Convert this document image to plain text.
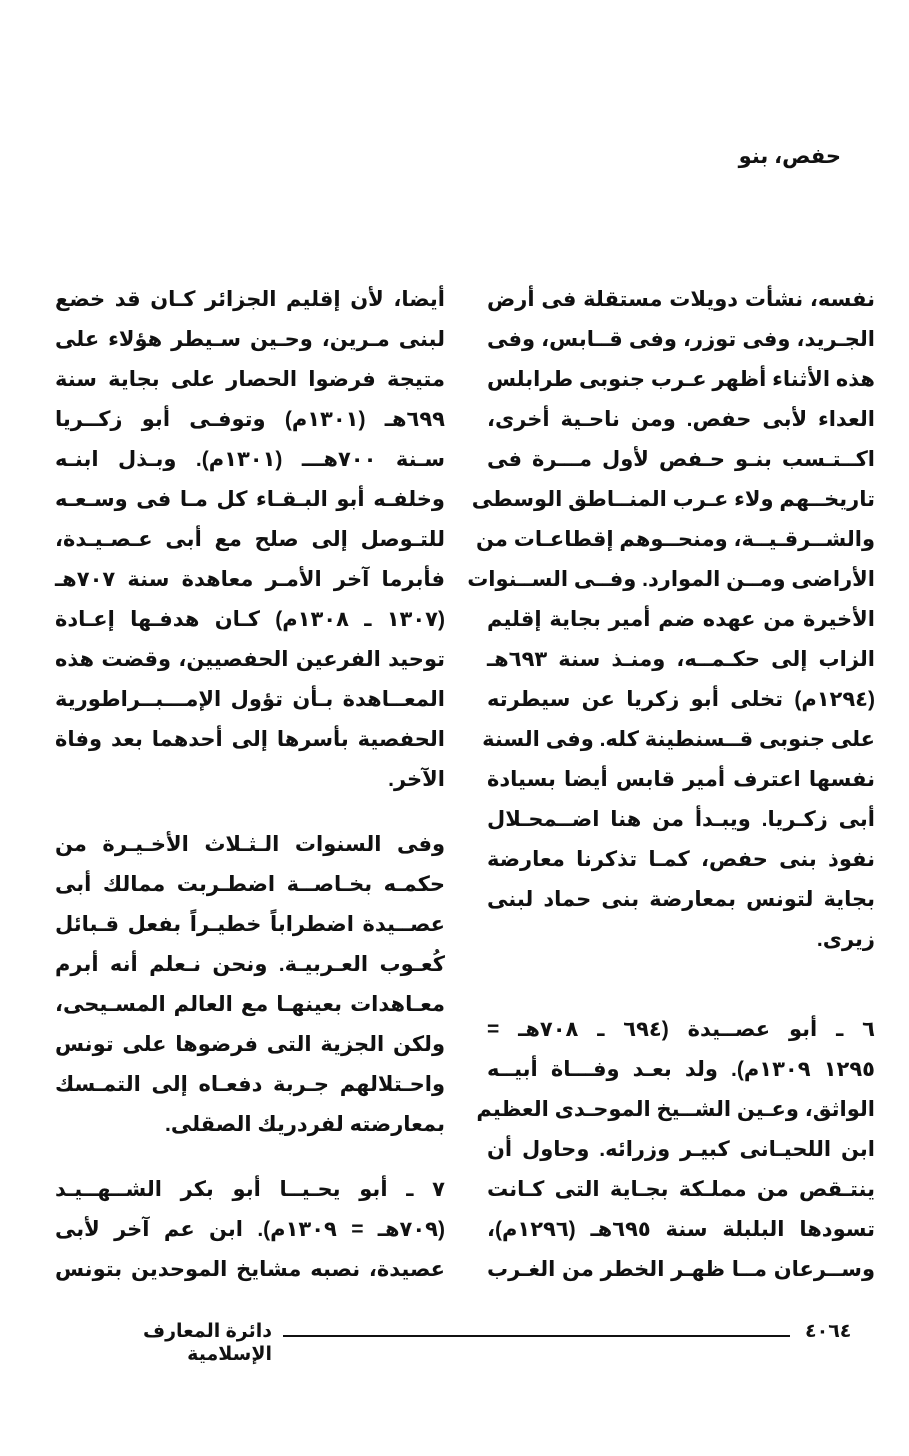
حفص، بنو
نفسه، نشأت دويلات مستقلة فى أرض
الجـريد، وفى توزر، وفى قــابس، وفى
هذه الأثناء أظهر عـرب جنوبى طرابلس
العداء لأبى حفص. ومن ناحـية أخرى،
اكــتـسب بنـو حـفص لأول مـــرة فى
تاريخــهم ولاء عـرب المنــاطق الوسطى
والشــرقـيــة، ومنحــوهم إقطاعـات من
الأراضى ومــن الموارد. وفــى الســنوات
الأخيرة من عهده ضم أمير بجاية إقليم
الزاب إلى حكـمــه، ومنـذ سنة ٦٩٣هـ
(١٢٩٤م) تخلى أبو زكريا عن سيطرته
على جنوبى قــسنطينة كله. وفى السنة
نفسها اعترف أمير قابس أيضا بسيادة
أبى زكـريا. ويبـدأ من هنا اضــمحـلال
نفوذ بنى حفص، كمـا تذكرنا معارضة
بجاية لتونس بمعارضة بنى حماد لبنى
زيرى.
٦ ـ أبو عصــيدة (٦٩٤ ـ ٧٠٨هـ =
١٢٩٥ ١٣٠٩م). ولد بعـد وفـــاة أبيــه
الواثق، وعـين الشــيخ الموحـدى العظيم
ابن اللحيـانى كبيـر وزرائه. وحاول أن
ينتـقص من مملـكة بجـاية التى كـانت
تسودها البلبلة سنة ٦٩٥هـ (١٢٩٦م)،
وســرعان مــا ظهـر الخطر من الغـرب
أيضا، لأن إقليم الجزائر كـان قد خضع
لبنى مـرين، وحـين سـيطر هؤلاء على
متيجة فرضوا الحصار على بجاية سنة
٦٩٩هـ (١٣٠١م) وتوفـى أبو زكــريا
سـنة ٧٠٠هـــ (١٣٠١م). وبـذل ابنـه
وخلفـه أبو البـقـاء كل مـا فى وسـعـه
للتـوصل إلى صلح مع أبى عـصـيـدة،
فأبرما آخر الأمـر معاهدة سنة ٧٠٧هـ
(١٣٠٧ ـ ١٣٠٨م) كـان هدفـها إعـادة
توحيد الفرعين الحفصيين، وقضت هذه
المعــاهدة بـأن تؤول الإمـــبــراطورية
الحفصية بأسرها إلى أحدهما بعد وفاة
الآخر.
وفى السنوات الـثـلاث الأخـيـرة من
حكمـه بخـاصــة اضطـربت ممالك أبى
عصــيدة اضطراباً خطيـراً بفعل قـبائل
كُعـوب العـربيـة. ونحن نـعلم أنه أبرم
معـاهدات بعينهـا مع العالم المسـيحى،
ولكن الجزية التى فرضوها على تونس
واحـتلالهم جـربة دفعـاه إلى التمـسك
بمعارضته لفردريك الصقلى.
٧ ـ أبو يحـيــا أبو بكر الشــهــيـد
(٧٠٩هـ = ١٣٠٩م). ابن عم آخر لأبى
عصيدة، نصبه مشايخ الموحدين بتونس
دائرة المعارف الإسلامية
٤٠٦٤
